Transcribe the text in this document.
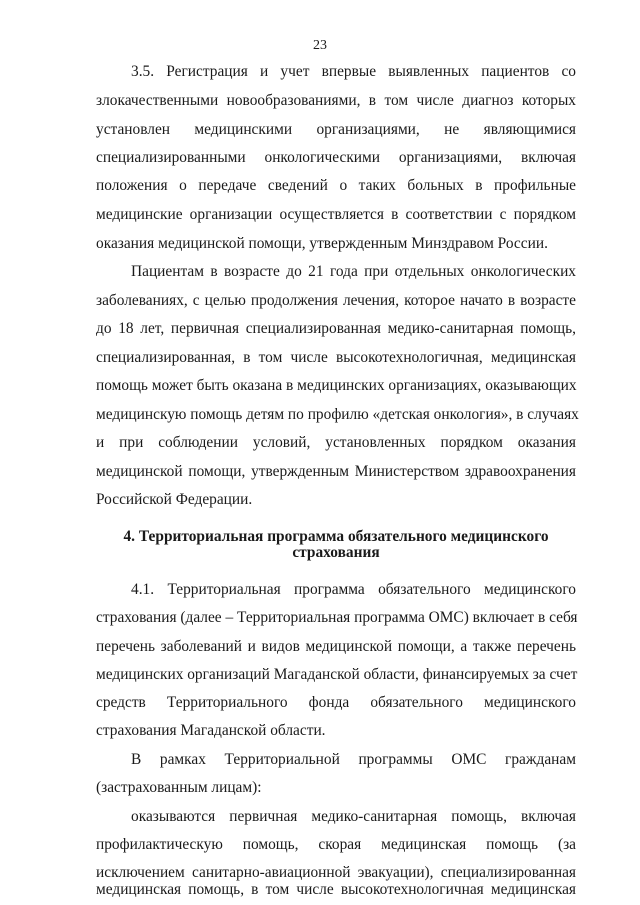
23
3.5. Регистрация и учет впервые выявленных пациентов со
злокачественными новообразованиями, в том числе диагноз которых
установлен медицинскими организациями, не являющимися
специализированными онкологическими организациями, включая
положения о передаче сведений о таких больных в профильные
медицинские организации осуществляется в соответствии с порядком
оказания медицинской помощи, утвержденным Минздравом России.
Пациентам в возрасте до 21 года при отдельных онкологических
заболеваниях, с целью продолжения лечения, которое начато в возрасте
до 18 лет, первичная специализированная медико-санитарная помощь,
специализированная, в том числе высокотехнологичная, медицинская
помощь может быть оказана в медицинских организациях, оказывающих
медицинскую помощь детям по профилю «детская онкология», в случаях
и при соблюдении условий, установленных порядком оказания
медицинской помощи, утвержденным Министерством здравоохранения
Российской Федерации.
4. Территориальная программа обязательного медицинского
страхования
4.1. Территориальная программа обязательного медицинского
страхования (далее – Территориальная программа ОМС) включает в себя
перечень заболеваний и видов медицинской помощи, а также перечень
медицинских организаций Магаданской области, финансируемых за счет
средств Территориального фонда обязательного медицинского
страхования Магаданской области.
В рамках Территориальной программы ОМС гражданам
(застрахованным лицам):
оказываются первичная медико-санитарная помощь, включая
профилактическую помощь, скорая медицинская помощь (за
исключением санитарно-авиационной эвакуации), специализированная
медицинская помощь, в том числе высокотехнологичная медицинская
